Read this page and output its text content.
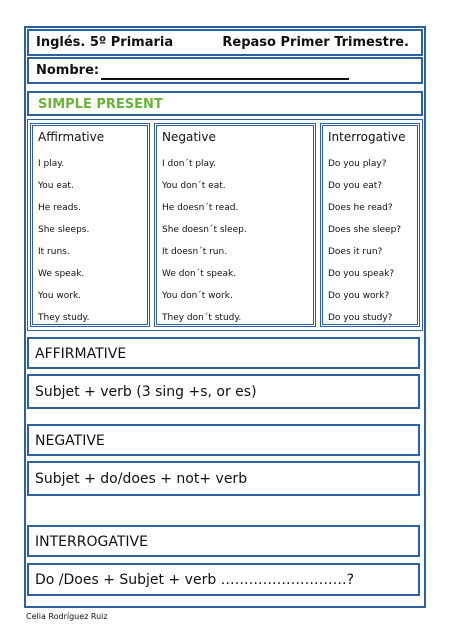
Inglés. 5º Primaria	Repaso Primer Trimestre.
Nombre:
SIMPLE PRESENT
Affirmative
I play.
You eat.
He reads.
She sleeps.
It runs.
We speak.
You work.
They study.
Negative
I don´t play.
You don´t eat.
He doesn´t read.
She doesn´t sleep.
It doesn´t run.
We don´t speak.
You don´t work.
They don´t study.
Interrogative
Do you play?
Do you eat?
Does he read?
Does she sleep?
Does it run?
Do you speak?
Do you work?
Do you study?
AFFIRMATIVE
Subjet + verb (3 sing +s, or es)
NEGATIVE
Subjet + do/does + not+ verb
INTERROGATIVE
Do /Does + Subjet + verb ………………………?
Celia Rodríguez Ruiz
